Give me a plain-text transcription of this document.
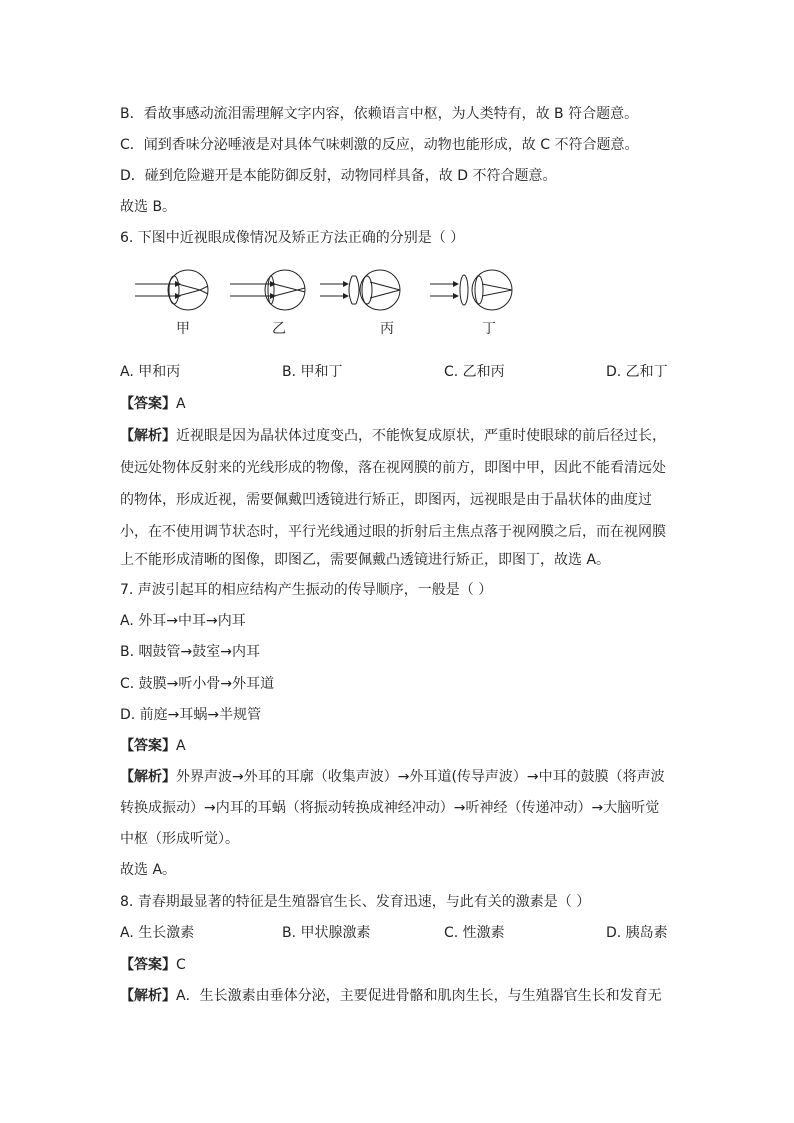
B．看故事感动流泪需理解文字内容，依赖语言中枢，为人类特有，故 B 符合题意。
C．闻到香味分泌唾液是对具体气味刺激的反应，动物也能形成，故 C 不符合题意。
D．碰到危险避开是本能防御反射，动物同样具备，故 D 不符合题意。
故选 B。
6. 下图中近视眼成像情况及矫正方法正确的分别是（ ）
甲	乙	丙	丁
A. 甲和丙	B. 甲和丁	C. 乙和丙	D. 乙和丁
【答案】A
【解析】近视眼是因为晶状体过度变凸，不能恢复成原状，严重时使眼球的前后径过长，
使远处物体反射来的光线形成的物像，落在视网膜的前方，即图中甲，因此不能看清远处
的物体，形成近视，需要佩戴凹透镜进行矫正，即图丙，远视眼是由于晶状体的曲度过
小，在不使用调节状态时，平行光线通过眼的折射后主焦点落于视网膜之后，而在视网膜
上不能形成清晰的图像，即图乙，需要佩戴凸透镜进行矫正，即图丁，故选 A。
7. 声波引起耳的相应结构产生振动的传导顺序，一般是（ ）
A. 外耳→中耳→内耳
B. 咽鼓管→鼓室→内耳
C. 鼓膜→听小骨→外耳道
D. 前庭→耳蜗→半规管
【答案】A
【解析】外界声波→外耳的耳廓（收集声波）→外耳道(传导声波）→中耳的鼓膜（将声波
转换成振动）→内耳的耳蜗（将振动转换成神经冲动）→听神经（传递冲动）→大脑听觉
中枢（形成听觉）。
故选 A。
8. 青春期最显著的特征是生殖器官生长、发育迅速，与此有关的激素是（ ）
A. 生长激素	B. 甲状腺激素	C. 性激素	D. 胰岛素
【答案】C
【解析】A．生长激素由垂体分泌，主要促进骨骼和肌肉生长，与生殖器官生长和发育无
